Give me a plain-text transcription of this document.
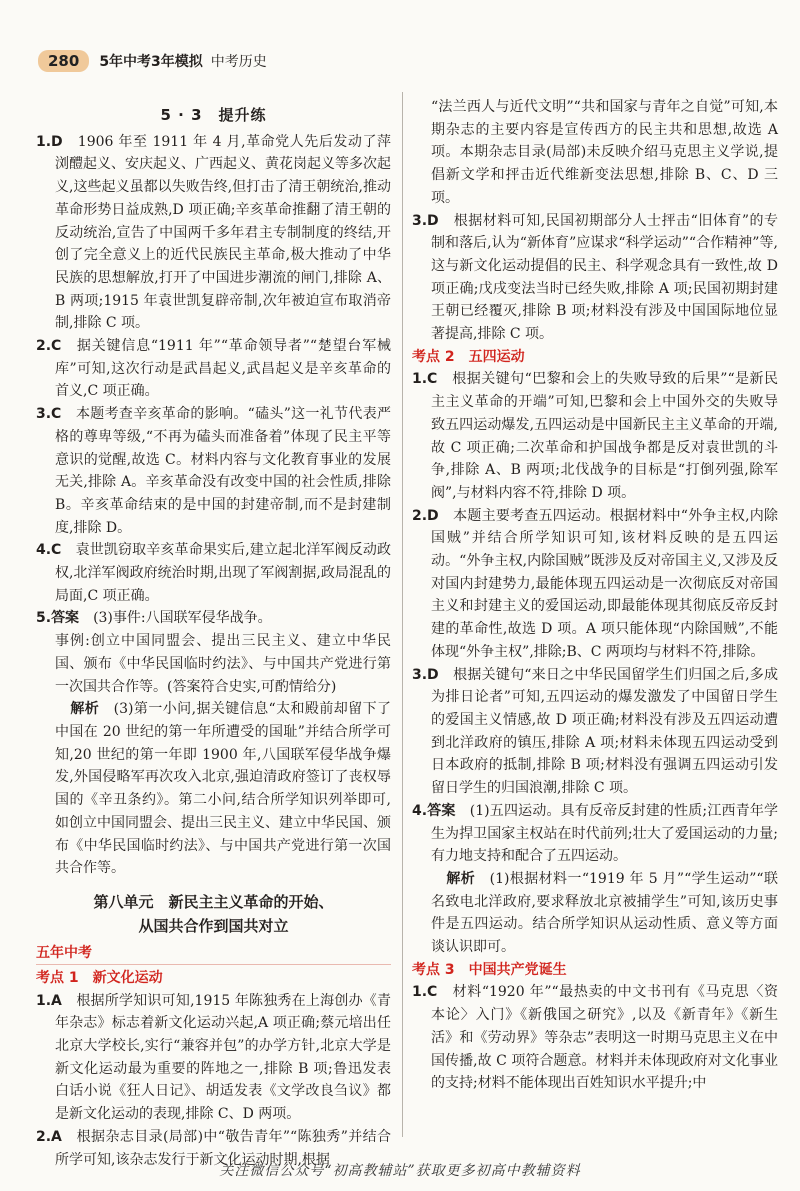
280	5年中考3年模拟 中考历史
5 · 3　提升练
1.D　 1906 年至 1911 年 4 月,革命党人先后发动了萍浏醴起义、安庆起义、广西起义、黄花岗起义等多次起义,这些起义虽都以失败告终,但打击了清王朝统治,推动革命形势日益成熟,D 项正确;辛亥革命推翻了清王朝的反动统治,宣告了中国两千多年君主专制制度的终结,开创了完全意义上的近代民族民主革命,极大推动了中华民族的思想解放,打开了中国进步潮流的闸门,排除 A、B 两项;1915 年袁世凯复辟帝制,次年被迫宣布取消帝制,排除 C 项。
2.C　 据关键信息“1911 年”“革命领导者”“楚望台军械库”可知,这次行动是武昌起义,武昌起义是辛亥革命的首义,C 项正确。
3.C　 本题考查辛亥革命的影响。“磕头”这一礼节代表严格的尊卑等级,“不再为磕头而准备着”体现了民主平等意识的觉醒,故选 C。材料内容与文化教育事业的发展无关,排除 A。辛亥革命没有改变中国的社会性质,排除 B。辛亥革命结束的是中国的封建帝制,而不是封建制度,排除 D。
4.C　 袁世凯窃取辛亥革命果实后,建立起北洋军阀反动政权,北洋军阀政府统治时期,出现了军阀割据,政局混乱的局面,C 项正确。
5.答案　 (3)事件:八国联军侵华战争。
事例:创立中国同盟会、提出三民主义、建立中华民国、颁布《中华民国临时约法》、与中国共产党进行第一次国共合作等。(答案符合史实,可酌情给分)
解析　 (3)第一小问,据关键信息“太和殿前却留下了中国在 20 世纪的第一年所遭受的国耻”并结合所学可知,20 世纪的第一年即 1900 年,八国联军侵华战争爆发,外国侵略军再次攻入北京,强迫清政府签订了丧权辱国的《辛丑条约》。第二小问,结合所学知识列举即可,如创立中国同盟会、提出三民主义、建立中华民国、颁布《中华民国临时约法》、与中国共产党进行第一次国共合作等。
第八单元　新民主主义革命的开始、
从国共合作到国共对立
五年中考
考点 1　新文化运动
1.A　 根据所学知识可知,1915 年陈独秀在上海创办《青年杂志》标志着新文化运动兴起,A 项正确;蔡元培出任北京大学校长,实行“兼容并包”的办学方针,北京大学是新文化运动最为重要的阵地之一,排除 B 项;鲁迅发表白话小说《狂人日记》、胡适发表《文学改良刍议》都是新文化运动的表现,排除 C、D 两项。
2.A　 根据杂志目录(局部)中“敬告青年”“陈独秀”并结合所学可知,该杂志发行于新文化运动时期,根据
“法兰西人与近代文明”“共和国家与青年之自觉”可知,本期杂志的主要内容是宣传西方的民主共和思想,故选 A 项。本期杂志目录(局部)未反映介绍马克思主义学说,提倡新文学和抨击近代维新变法思想,排除 B、C、D 三项。
3.D　 根据材料可知,民国初期部分人士抨击“旧体育”的专制和落后,认为“新体育”应谋求“科学运动”“合作精神”等,这与新文化运动提倡的民主、科学观念具有一致性,故 D 项正确;戊戌变法当时已经失败,排除 A 项;民国初期封建王朝已经覆灭,排除 B 项;材料没有涉及中国国际地位显著提高,排除 C 项。
考点 2　五四运动
1.C　 根据关键句“巴黎和会上的失败导致的后果”“是新民主主义革命的开端”可知,巴黎和会上中国外交的失败导致五四运动爆发,五四运动是中国新民主主义革命的开端,故 C 项正确;二次革命和护国战争都是反对袁世凯的斗争,排除 A、B 两项;北伐战争的目标是“打倒列强,除军阀”,与材料内容不符,排除 D 项。
2.D　 本题主要考查五四运动。根据材料中“外争主权,内除国贼”并结合所学知识可知,该材料反映的是五四运动。“外争主权,内除国贼”既涉及反对帝国主义,又涉及反对国内封建势力,最能体现五四运动是一次彻底反对帝国主义和封建主义的爱国运动,即最能体现其彻底反帝反封建的革命性,故选 D 项。A 项只能体现“内除国贼”,不能体现“外争主权”,排除;B、C 两项均与材料不符,排除。
3.D　 根据关键句“来日之中华民国留学生们归国之后,多成为排日论者”可知,五四运动的爆发激发了中国留日学生的爱国主义情感,故 D 项正确;材料没有涉及五四运动遭到北洋政府的镇压,排除 A 项;材料未体现五四运动受到日本政府的抵制,排除 B 项;材料没有强调五四运动引发留日学生的归国浪潮,排除 C 项。
4.答案　 (1)五四运动。具有反帝反封建的性质;江西青年学生为捍卫国家主权站在时代前列;壮大了爱国运动的力量;有力地支持和配合了五四运动。
解析　 (1)根据材料一“1919 年 5 月”“学生运动”“联名致电北洋政府,要求释放北京被捕学生”可知,该历史事件是五四运动。结合所学知识从运动性质、意义等方面谈认识即可。
考点 3　中国共产党诞生
1.C　 材料“1920 年”“最热卖的中文书刊有《马克思〈资本论〉入门》《新俄国之研究》,以及《新青年》《新生活》和《劳动界》等杂志”表明这一时期马克思主义在中国传播,故 C 项符合题意。材料并未体现政府对文化事业的支持;材料不能体现出百姓知识水平提升;中
关注微信公众号“初高教辅站”获取更多初高中教辅资料
